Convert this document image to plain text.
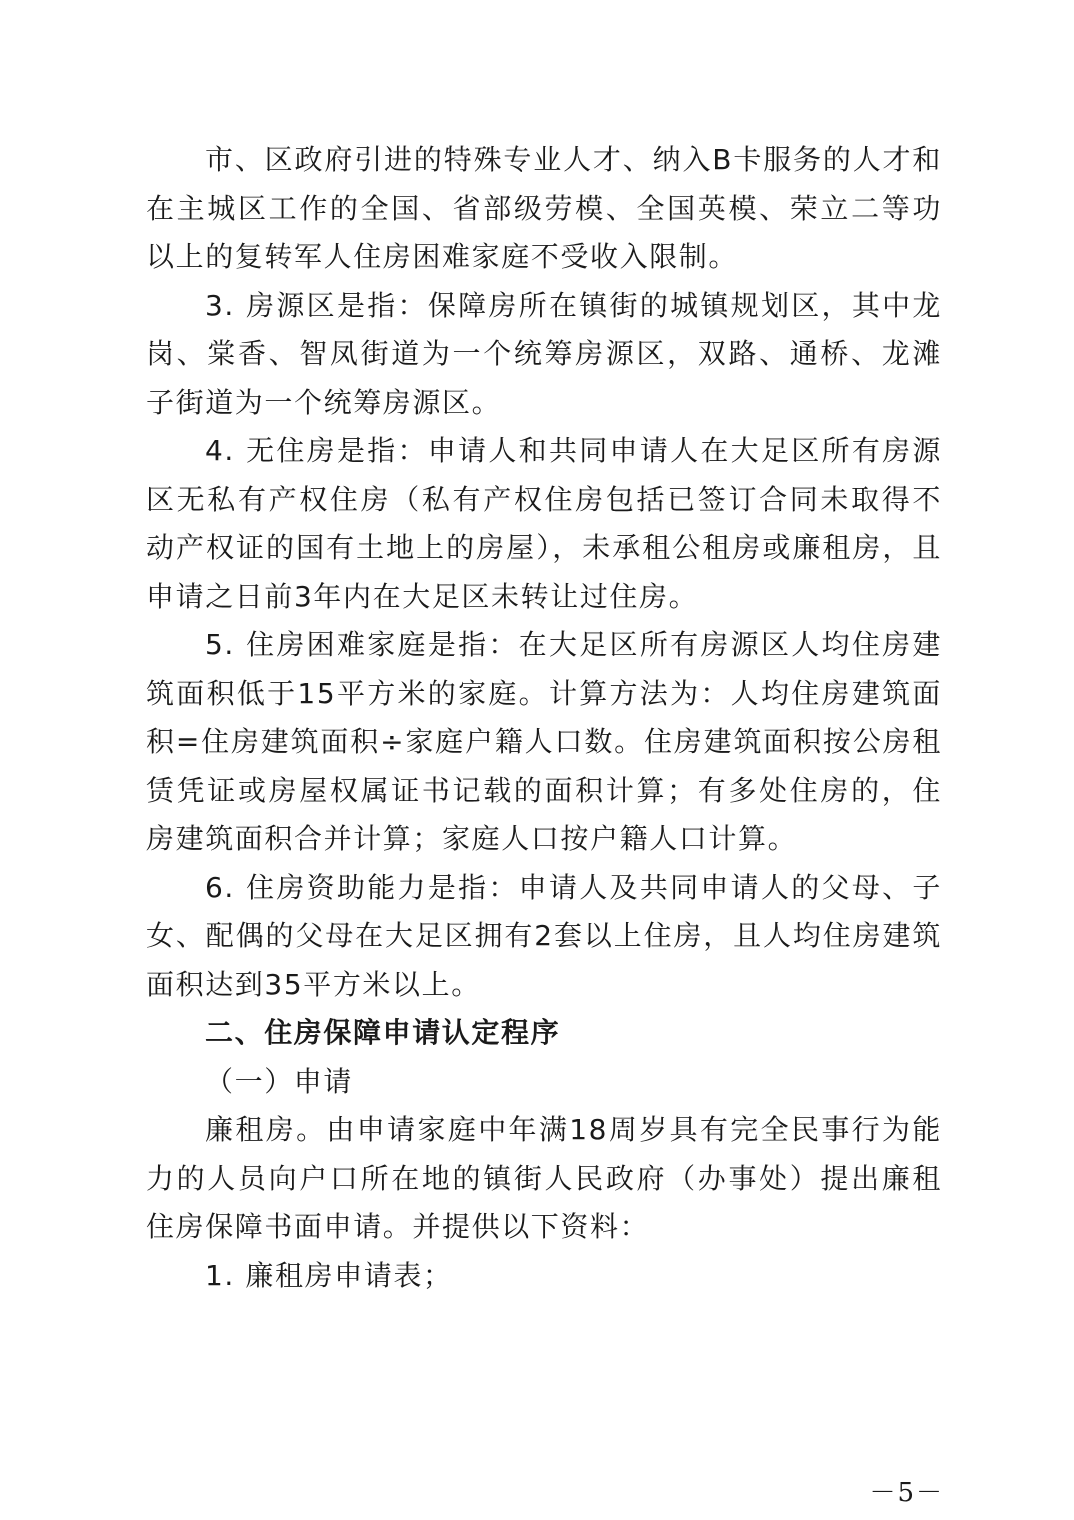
市、区政府引进的特殊专业人才、纳入B卡服务的人才和在主城区工作的全国、省部级劳模、全国英模、荣立二等功以上的复转军人住房困难家庭不受收入限制。

3. 房源区是指：保障房所在镇街的城镇规划区，其中龙岗、棠香、智凤街道为一个统筹房源区，双路、通桥、龙滩子街道为一个统筹房源区。

4. 无住房是指：申请人和共同申请人在大足区所有房源区无私有产权住房（私有产权住房包括已签订合同未取得不动产权证的国有土地上的房屋），未承租公租房或廉租房，且申请之日前3年内在大足区未转让过住房。

5. 住房困难家庭是指：在大足区所有房源区人均住房建筑面积低于15平方米的家庭。计算方法为：人均住房建筑面积=住房建筑面积÷家庭户籍人口数。住房建筑面积按公房租赁凭证或房屋权属证书记载的面积计算；有多处住房的，住房建筑面积合并计算；家庭人口按户籍人口计算。

6. 住房资助能力是指：申请人及共同申请人的父母、子女、配偶的父母在大足区拥有2套以上住房，且人均住房建筑面积达到35平方米以上。

二、住房保障申请认定程序

（一）申请

廉租房。由申请家庭中年满18周岁具有完全民事行为能力的人员向户口所在地的镇街人民政府（办事处）提出廉租住房保障书面申请。并提供以下资料：

1. 廉租房申请表；

－5－
